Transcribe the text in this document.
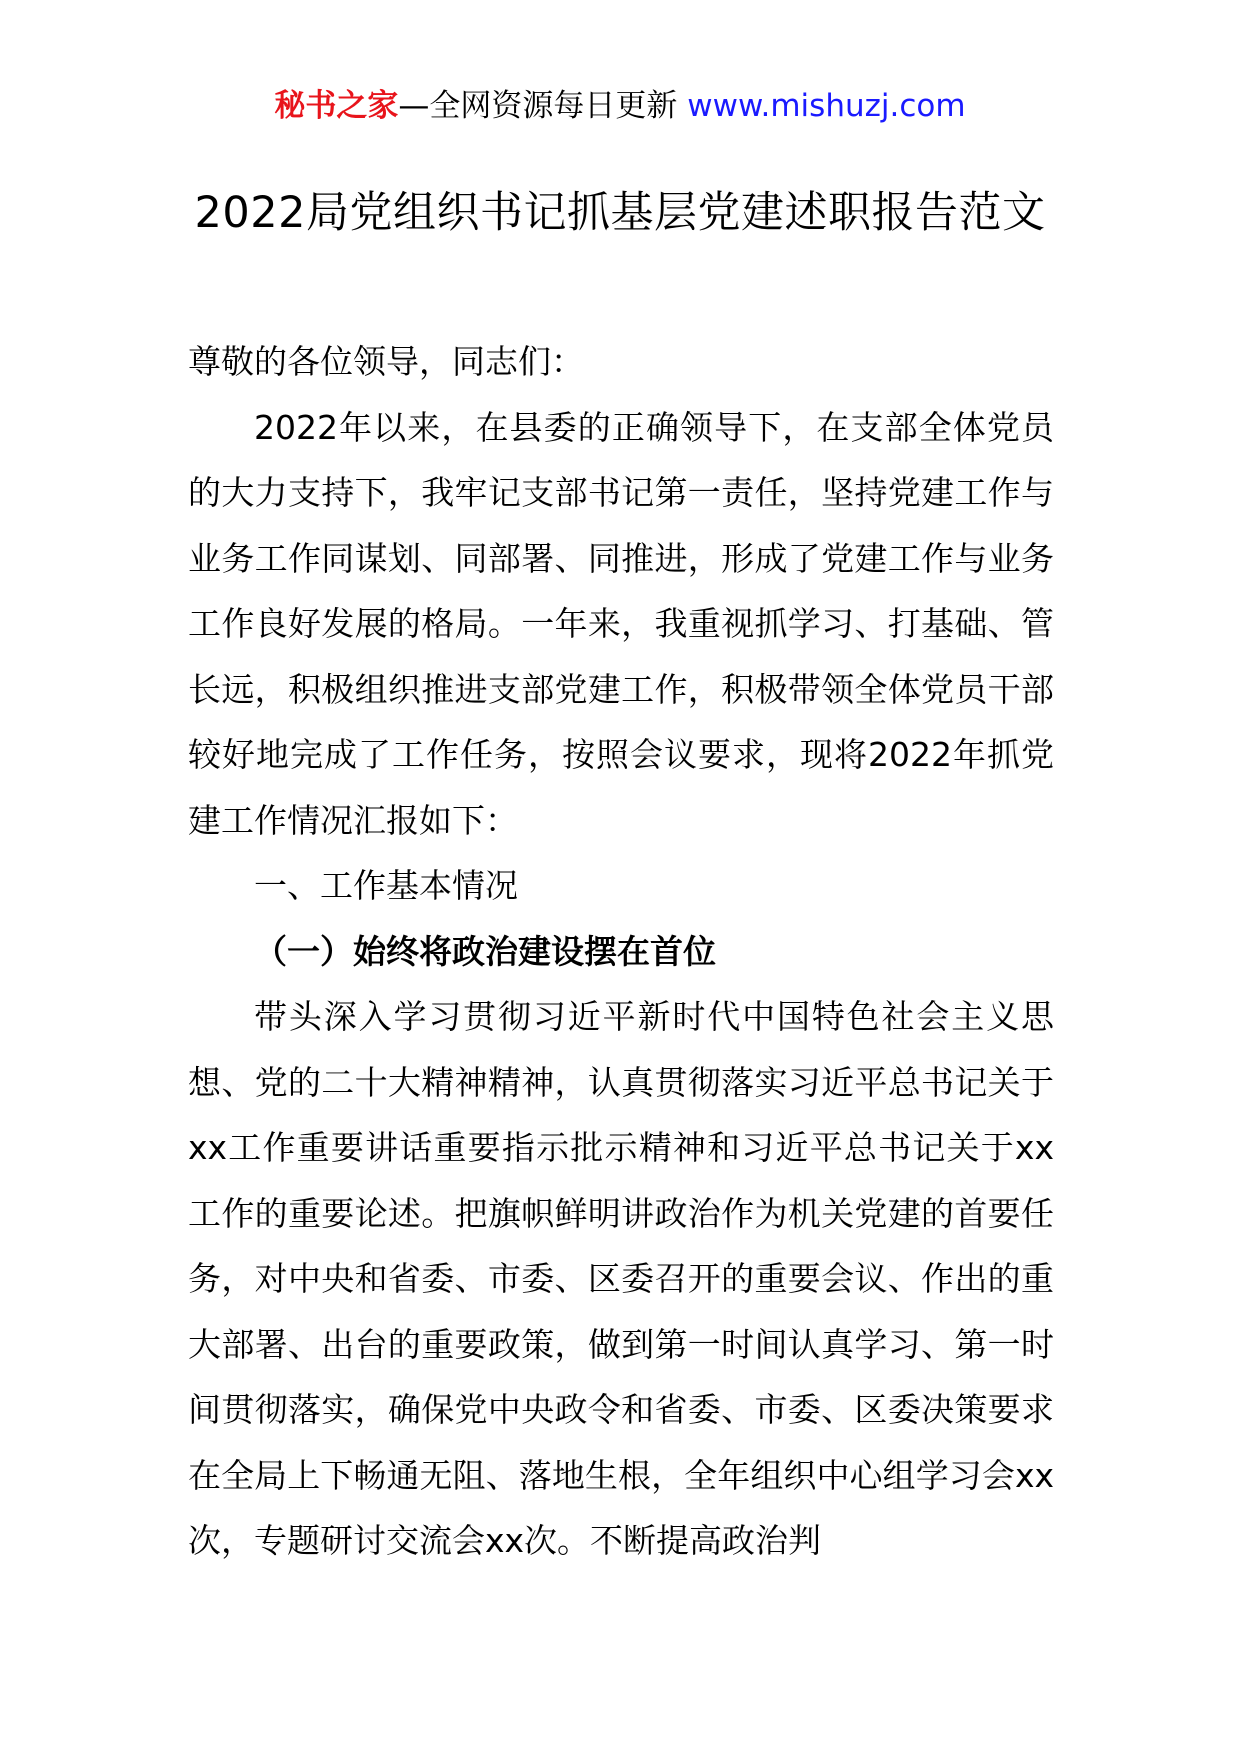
秘书之家—全网资源每日更新 www.mishuzj.com
2022局党组织书记抓基层党建述职报告范文

尊敬的各位领导，同志们：

2022年以来，在县委的正确领导下，在支部全体党员的大力支持下，我牢记支部书记第一责任，坚持党建工作与业务工作同谋划、同部署、同推进，形成了党建工作与业务工作良好发展的格局。一年来，我重视抓学习、打基础、管长远，积极组织推进支部党建工作，积极带领全体党员干部较好地完成了工作任务，按照会议要求，现将2022年抓党建工作情况汇报如下：

一、工作基本情况

（一）始终将政治建设摆在首位

带头深入学习贯彻习近平新时代中国特色社会主义思想、党的二十大精神精神，认真贯彻落实习近平总书记关于xx工作重要讲话重要指示批示精神和习近平总书记关于xx工作的重要论述。把旗帜鲜明讲政治作为机关党建的首要任务，对中央和省委、市委、区委召开的重要会议、作出的重大部署、出台的重要政策，做到第一时间认真学习、第一时间贯彻落实，确保党中央政令和省委、市委、区委决策要求在全局上下畅通无阻、落地生根，全年组织中心组学习会xx次，专题研讨交流会xx次。不断提高政治判
